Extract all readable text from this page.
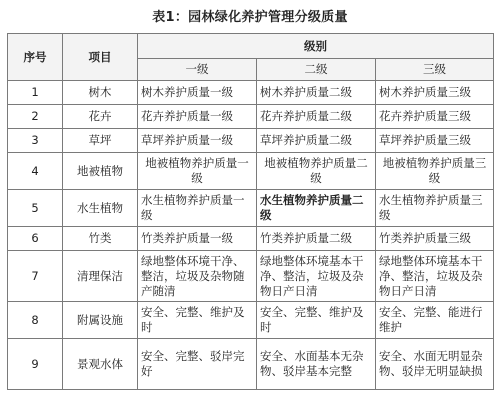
表1：园林绿化养护管理分级质量
序号	项目	级别		
		一级	二级	三级
1	树木	树木养护质量一级	树木养护质量二级	树木养护质量三级
2	花卉	花卉养护质量一级	花卉养护质量二级	花卉养护质量三级
3	草坪	草坪养护质量一级	草坪养护质量二级	草坪养护质量三级
4	地被植物	地被植物养护质量一级	地被植物养护质量二级	地被植物养护质量三级
5	水生植物	水生植物养护质量一级	水生植物养护质量二级	水生植物养护质量三级
6	竹类	竹类养护质量一级	竹类养护质量二级	竹类养护质量三级
7	清理保洁	绿地整体环境干净、整洁，垃圾及杂物随产随清	绿地整体环境基本干净、整洁，垃圾及杂物日产日清	绿地整体环境基本干净、整洁，垃圾及杂物日产日清
8	附属设施	安全、完整、维护及时	安全、完整、维护及时	安全、完整、能进行维护
9	景观水体	安全、完整、驳岸完好	安全、水面基本无杂物、驳岸基本完整	安全、水面无明显杂物、驳岸无明显缺损
